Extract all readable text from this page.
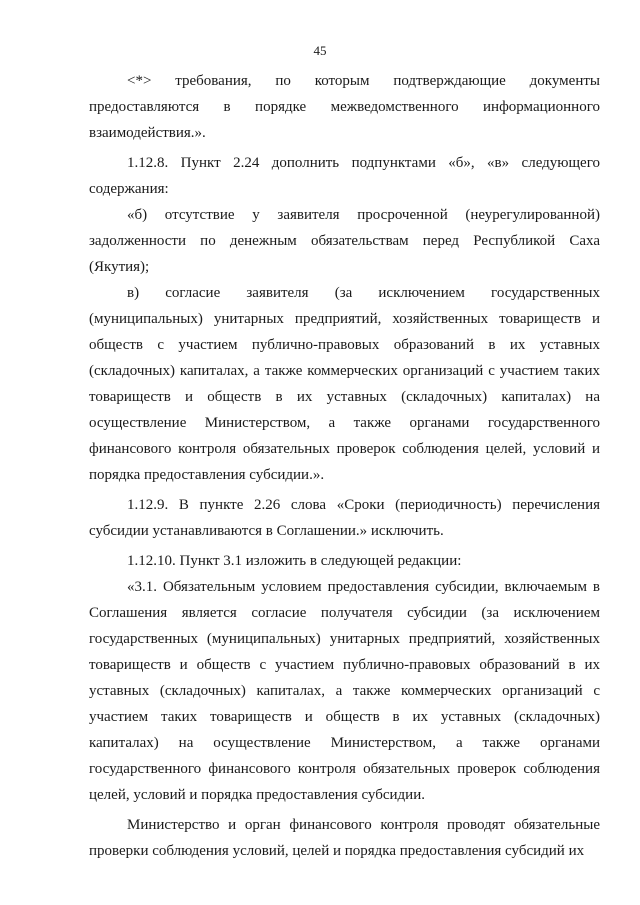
45

<*> требования, по которым подтверждающие документы предоставляются в порядке межведомственного информационного взаимодействия.».

1.12.8. Пункт 2.24 дополнить подпунктами «б», «в» следующего содержания:

«б) отсутствие у заявителя просроченной (неурегулированной) задолженности по денежным обязательствам перед Республикой Саха (Якутия);

в) согласие заявителя (за исключением государственных (муниципальных) унитарных предприятий, хозяйственных товариществ и обществ с участием публично-правовых образований в их уставных (складочных) капиталах, а также коммерческих организаций с участием таких товариществ и обществ в их уставных (складочных) капиталах) на осуществление Министерством, а также органами государственного финансового контроля обязательных проверок соблюдения целей, условий и порядка предоставления субсидии.».

1.12.9. В пункте 2.26 слова «Сроки (периодичность) перечисления субсидии устанавливаются в Соглашении.» исключить.

1.12.10. Пункт 3.1 изложить в следующей редакции:

«3.1. Обязательным условием предоставления субсидии, включаемым в Соглашения является согласие получателя субсидии (за исключением государственных (муниципальных) унитарных предприятий, хозяйственных товариществ и обществ с участием публично-правовых образований в их уставных (складочных) капиталах, а также коммерческих организаций с участием таких товариществ и обществ в их уставных (складочных) капиталах) на осуществление Министерством, а также органами государственного финансового контроля обязательных проверок соблюдения целей, условий и порядка предоставления субсидии.

Министерство и орган финансового контроля проводят обязательные проверки соблюдения условий, целей и порядка предоставления субсидий их
